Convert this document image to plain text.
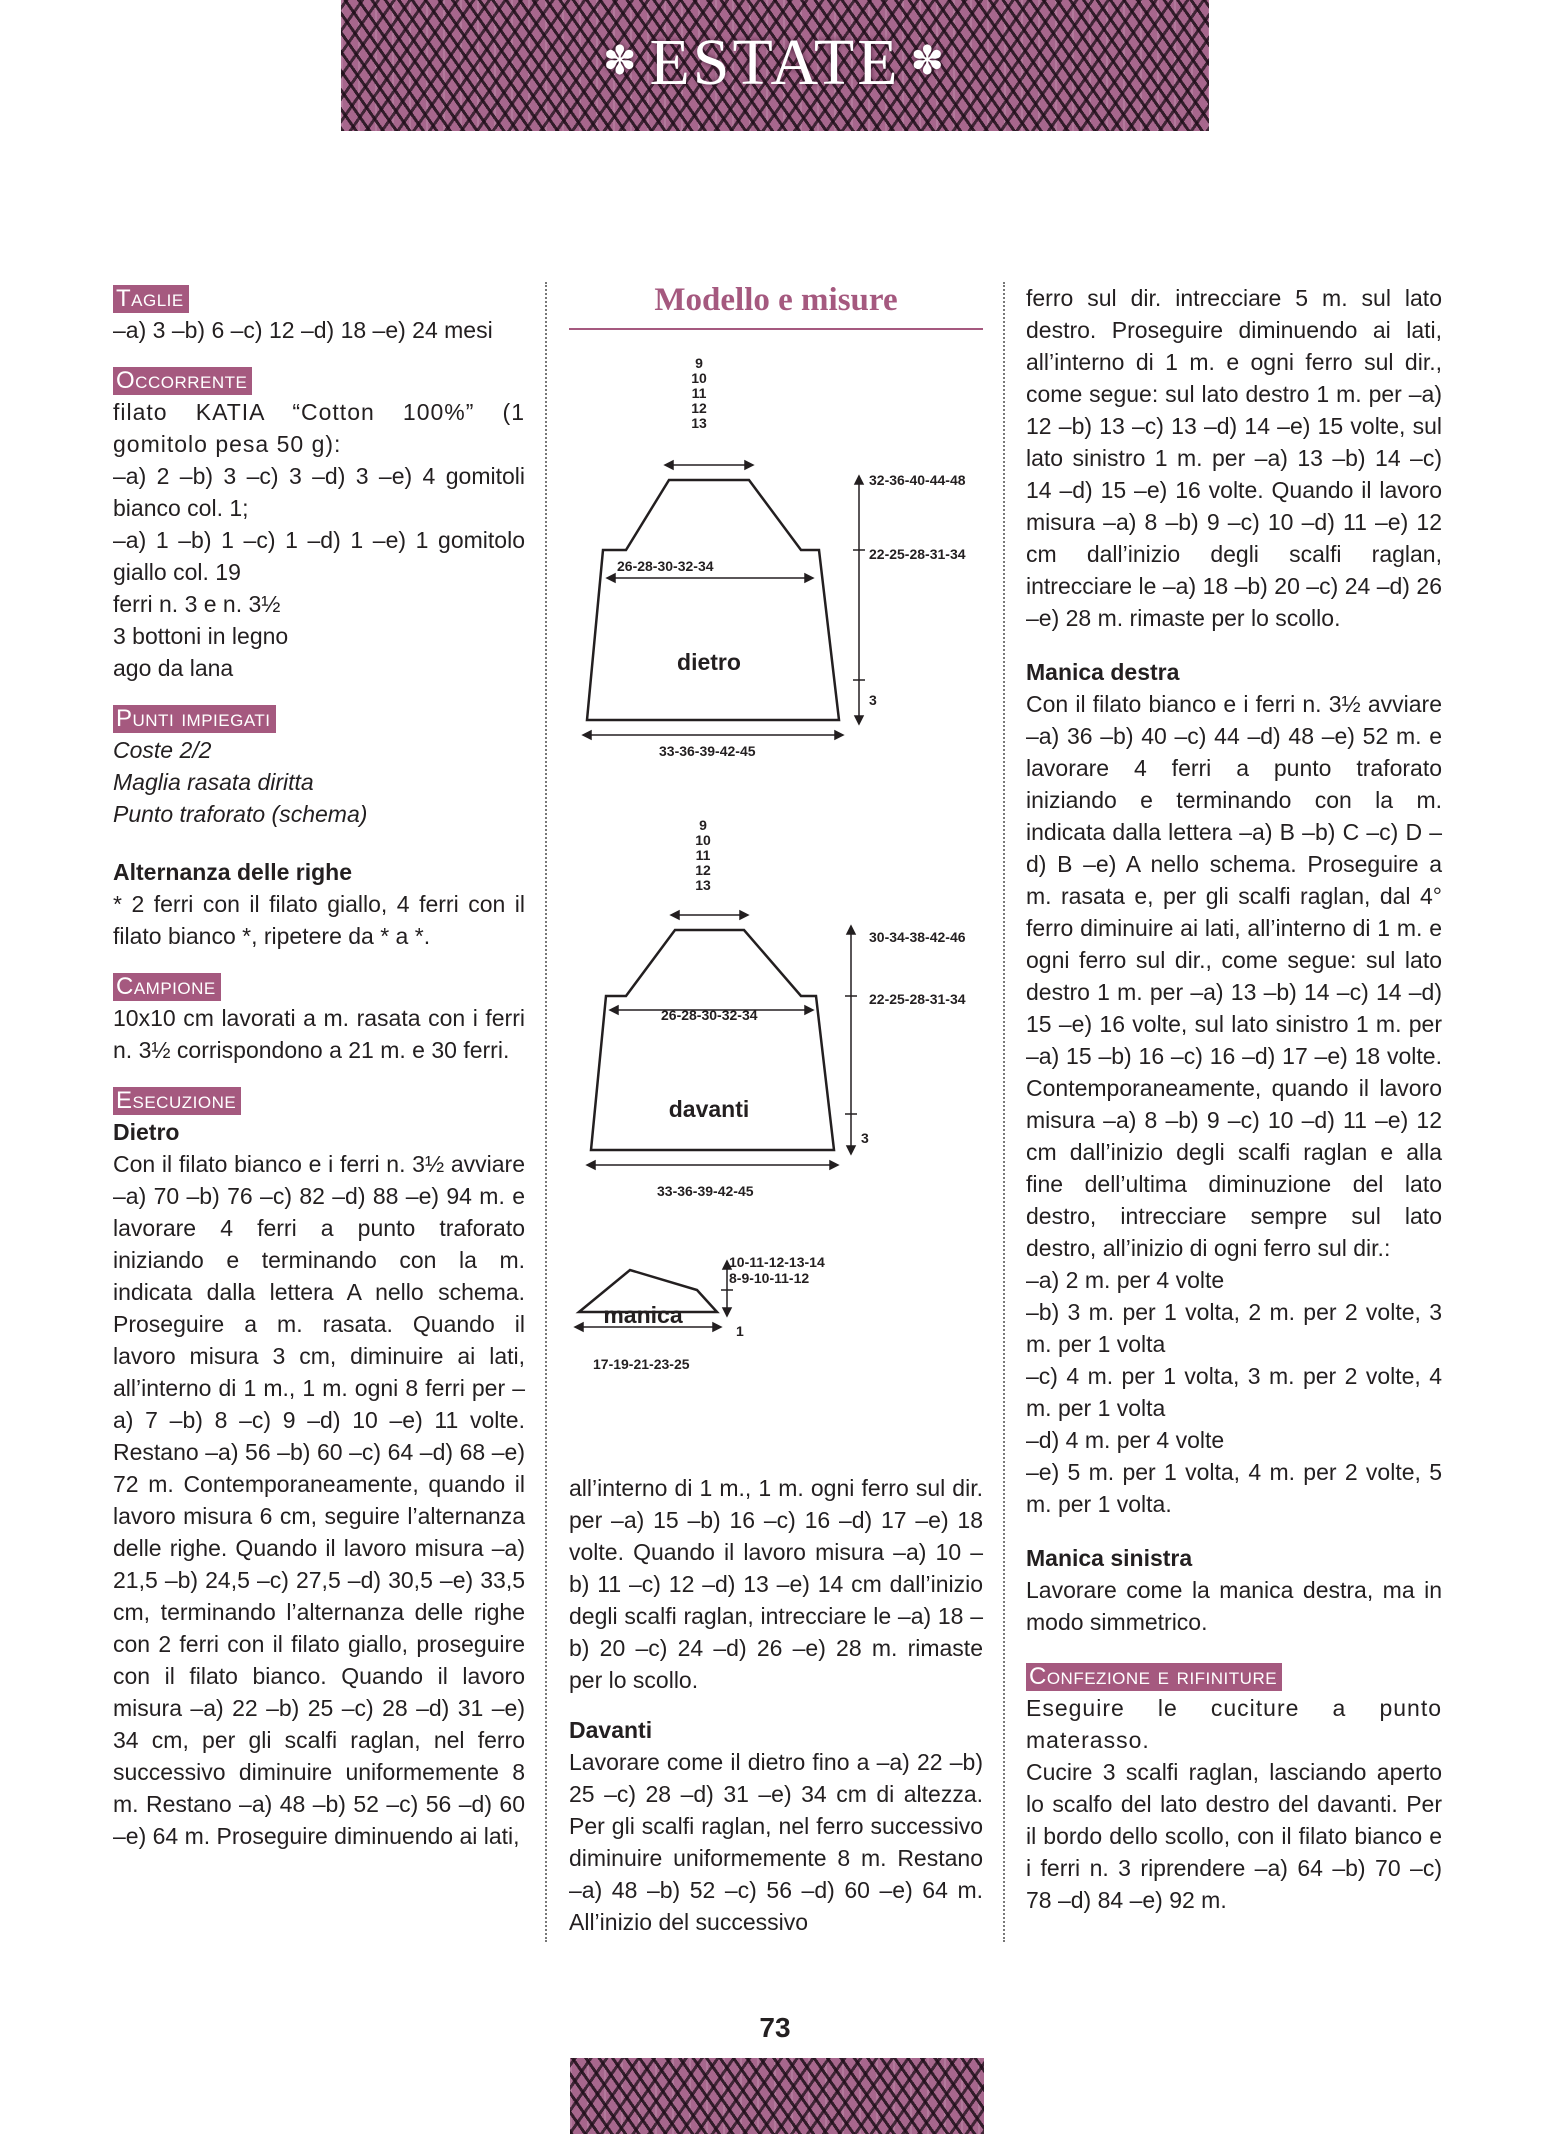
✽ ESTATE ✽
Taglie

–a) 3 –b) 6 –c) 12 –d) 18 –e) 24 mesi

Occorrente

filato KATIA “Cotton 100%” (1 gomitolo pesa 50 g):

–a) 2 –b) 3 –c) 3 –d) 3 –e) 4 gomitoli bianco col. 1;

–a) 1 –b) 1 –c) 1 –d) 1 –e) 1 gomitolo giallo col. 19

ferri n. 3 e n. 3½

3 bottoni in legno

ago da lana

Punti impiegati

Coste 2/2

Maglia rasata diritta

Punto traforato (schema)

Alternanza delle righe

* 2 ferri con il filato giallo, 4 ferri con il filato bianco *, ripetere da * a *.

Campione

10x10 cm lavorati a m. rasata con i ferri n. 3½ corrispondono a 21 m. e 30 ferri.

Esecuzione

Dietro

Con il filato bianco e i ferri n. 3½ avviare –a) 70 –b) 76 –c) 82 –d) 88 –e) 94 m. e lavorare 4 ferri a punto traforato iniziando e terminando con la m. indicata dalla lettera A nello schema. Proseguire a m. rasata. Quando il lavoro misura 3 cm, diminuire ai lati, all’interno di 1 m., 1 m. ogni 8 ferri per –a) 7 –b) 8 –c) 9 –d) 10 –e) 11 volte. Restano –a) 56 –b) 60 –c) 64 –d) 68 –e) 72 m. Contemporaneamente, quando il lavoro misura 6 cm, seguire l’alternanza delle righe. Quando il lavoro misura –a) 21,5 –b) 24,5 –c) 27,5 –d) 30,5 –e) 33,5 cm, terminando l’alternanza delle righe con 2 ferri con il filato giallo, proseguire con il filato bianco. Quando il lavoro misura –a) 22 –b) 25 –c) 28 –d) 31 –e) 34 cm, per gli scalfi raglan, nel ferro successivo diminuire uniformemente 8 m. Restano –a) 48 –b) 52 –c) 56 –d) 60 –e) 64 m. Proseguire diminuendo ai lati,

Modello e misure
9
10
11
12
13
32-36-40-44-48
26-28-30-32-34
22-25-28-31-34
dietro
3
33-36-39-42-45
9
10
11
12
13
30-34-38-42-46
26-28-30-32-34
22-25-28-31-34
davanti
3
33-36-39-42-45
10-11-12-13-14
8-9-10-11-12
manica
1
17-19-21-23-25

all’interno di 1 m., 1 m. ogni ferro sul dir. per –a) 15 –b) 16 –c) 16 –d) 17 –e) 18 volte. Quando il lavoro misura –a) 10 –b) 11 –c) 12 –d) 13 –e) 14 cm dall’inizio degli scalfi raglan, intrecciare le –a) 18 –b) 20 –c) 24 –d) 26 –e) 28 m. rimaste per lo scollo.

Davanti

Lavorare come il dietro fino a –a) 22 –b) 25 –c) 28 –d) 31 –e) 34 cm di altezza. Per gli scalfi raglan, nel ferro successivo diminuire uniformemente 8 m. Restano –a) 48 –b) 52 –c) 56 –d) 60 –e) 64 m. All’inizio del successivo

ferro sul dir. intrecciare 5 m. sul lato destro. Proseguire diminuendo ai lati, all’interno di 1 m. e ogni ferro sul dir., come segue: sul lato destro 1 m. per –a) 12 –b) 13 –c) 13 –d) 14 –e) 15 volte, sul lato sinistro 1 m. per –a) 13 –b) 14 –c) 14 –d) 15 –e) 16 volte. Quando il lavoro misura –a) 8 –b) 9 –c) 10 –d) 11 –e) 12 cm dall’inizio degli scalfi raglan, intrecciare le –a) 18 –b) 20 –c) 24 –d) 26 –e) 28 m. rimaste per lo scollo.

Manica destra

Con il filato bianco e i ferri n. 3½ avviare –a) 36 –b) 40 –c) 44 –d) 48 –e) 52 m. e lavorare 4 ferri a punto traforato iniziando e terminando con la m. indicata dalla lettera –a) B –b) C –c) D –d) B –e) A nello schema. Proseguire a m. rasata e, per gli scalfi raglan, dal 4° ferro diminuire ai lati, all’interno di 1 m. e ogni ferro sul dir., come segue: sul lato destro 1 m. per –a) 13 –b) 14 –c) 14 –d) 15 –e) 16 volte, sul lato sinistro 1 m. per –a) 15 –b) 16 –c) 16 –d) 17 –e) 18 volte. Contemporaneamente, quando il lavoro misura –a) 8 –b) 9 –c) 10 –d) 11 –e) 12 cm dall’inizio degli scalfi raglan e alla fine dell’ultima diminuzione del lato destro, intrecciare sempre sul lato destro, all’inizio di ogni ferro sul dir.:

–a) 2 m. per 4 volte

–b) 3 m. per 1 volta, 2 m. per 2 volte, 3 m. per 1 volta

–c) 4 m. per 1 volta, 3 m. per 2 volte, 4 m. per 1 volta

–d) 4 m. per 4 volte

–e) 5 m. per 1 volta, 4 m. per 2 volte, 5 m. per 1 volta.

Manica sinistra

Lavorare come la manica destra, ma in modo simmetrico.

Confezione e rifiniture

Eseguire le cuciture a punto materasso.

Cucire 3 scalfi raglan, lasciando aperto lo scalfo del lato destro del davanti. Per il bordo dello scollo, con il filato bianco e i ferri n. 3 riprendere –a) 64 –b) 70 –c) 78 –d) 84 –e) 92 m.

73
